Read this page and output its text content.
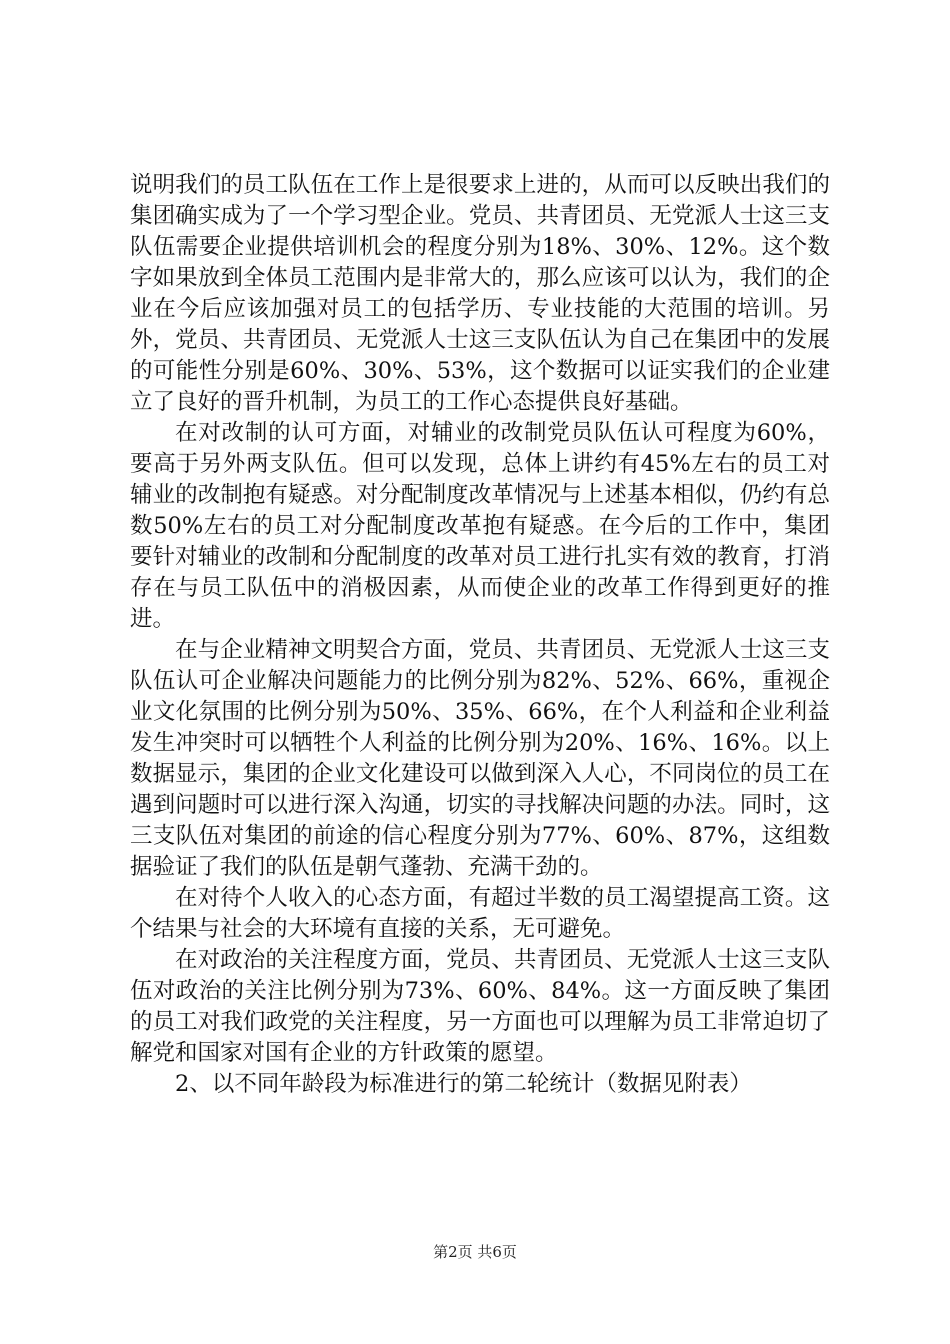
说明我们的员工队伍在工作上是很要求上进的，从而可以反映出我们的集团确实成为了一个学习型企业。党员、共青团员、无党派人士这三支队伍需要企业提供培训机会的程度分别为18%、30%、12%。这个数字如果放到全体员工范围内是非常大的，那么应该可以认为，我们的企业在今后应该加强对员工的包括学历、专业技能的大范围的培训。另外，党员、共青团员、无党派人士这三支队伍认为自己在集团中的发展的可能性分别是60%、30%、53%，这个数据可以证实我们的企业建立了良好的晋升机制，为员工的工作心态提供良好基础。

在对改制的认可方面，对辅业的改制党员队伍认可程度为60%，要高于另外两支队伍。但可以发现，总体上讲约有45%左右的员工对辅业的改制抱有疑惑。对分配制度改革情况与上述基本相似，仍约有总数50%左右的员工对分配制度改革抱有疑惑。在今后的工作中，集团要针对辅业的改制和分配制度的改革对员工进行扎实有效的教育，打消存在与员工队伍中的消极因素，从而使企业的改革工作得到更好的推进。

在与企业精神文明契合方面，党员、共青团员、无党派人士这三支队伍认可企业解决问题能力的比例分别为82%、52%、66%，重视企业文化氛围的比例分别为50%、35%、66%，在个人利益和企业利益发生冲突时可以牺牲个人利益的比例分别为20%、16%、16%。以上数据显示，集团的企业文化建设可以做到深入人心，不同岗位的员工在遇到问题时可以进行深入沟通，切实的寻找解决问题的办法。同时，这三支队伍对集团的前途的信心程度分别为77%、60%、87%，这组数据验证了我们的队伍是朝气蓬勃、充满干劲的。

在对待个人收入的心态方面，有超过半数的员工渴望提高工资。这个结果与社会的大环境有直接的关系，无可避免。

在对政治的关注程度方面，党员、共青团员、无党派人士这三支队伍对政治的关注比例分别为73%、60%、84%。这一方面反映了集团的员工对我们政党的关注程度，另一方面也可以理解为员工非常迫切了解党和国家对国有企业的方针政策的愿望。

2、以不同年龄段为标准进行的第二轮统计（数据见附表）

第2页 共6页
